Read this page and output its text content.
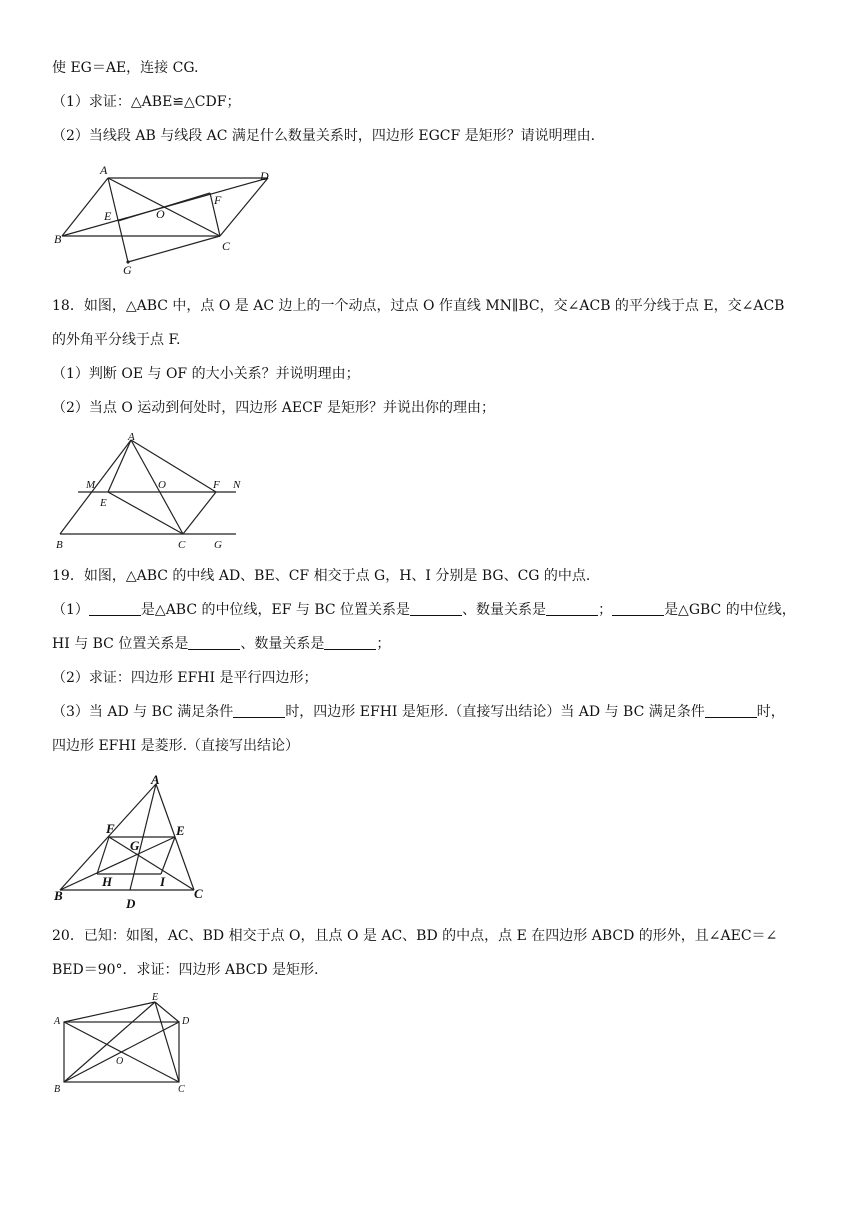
使 EG＝AE，连接 CG.
（1）求证：△ABE≌△CDF；
（2）当线段 AB 与线段 AC 满足什么数量关系时，四边形 EGCF 是矩形？请说明理由.
A	D
F
E	O
B	C
G
18．如图，△ABC 中，点 O 是 AC 边上的一个动点，过点 O 作直线 MN∥BC，交∠ACB 的平分线于点 E，交∠ACB
的外角平分线于点 F.
（1）判断 OE 与 OF 的大小关系？并说明理由；
（2）当点 O 运动到何处时，四边形 AECF 是矩形？并说出你的理由；
A
M	O	F N
E
B	C	G
19．如图，△ABC 的中线 AD、BE、CF 相交于点 G，H、I 分别是 BG、CG 的中点.
（1）	是△ABC 的中位线，EF 与 BC 位置关系是	、数量关系是	；	是△GBC 的中位线，
HI 与 BC 位置关系是	、数量关系是	；
（2）求证：四边形 EFHI 是平行四边形；
（3）当 AD 与 BC 满足条件	时，四边形 EFHI 是矩形.（直接写出结论）当 AD 与 BC 满足条件	时，
四边形 EFHI 是菱形.（直接写出结论）
A
F	E
G
B
H	I
C
D
20．已知：如图，AC、BD 相交于点 O，且点 O 是 AC、BD 的中点，点 E 在四边形 ABCD 的形外，且∠AEC＝∠
BED＝90°．求证：四边形 ABCD 是矩形.
E
A	D
O
B	C
